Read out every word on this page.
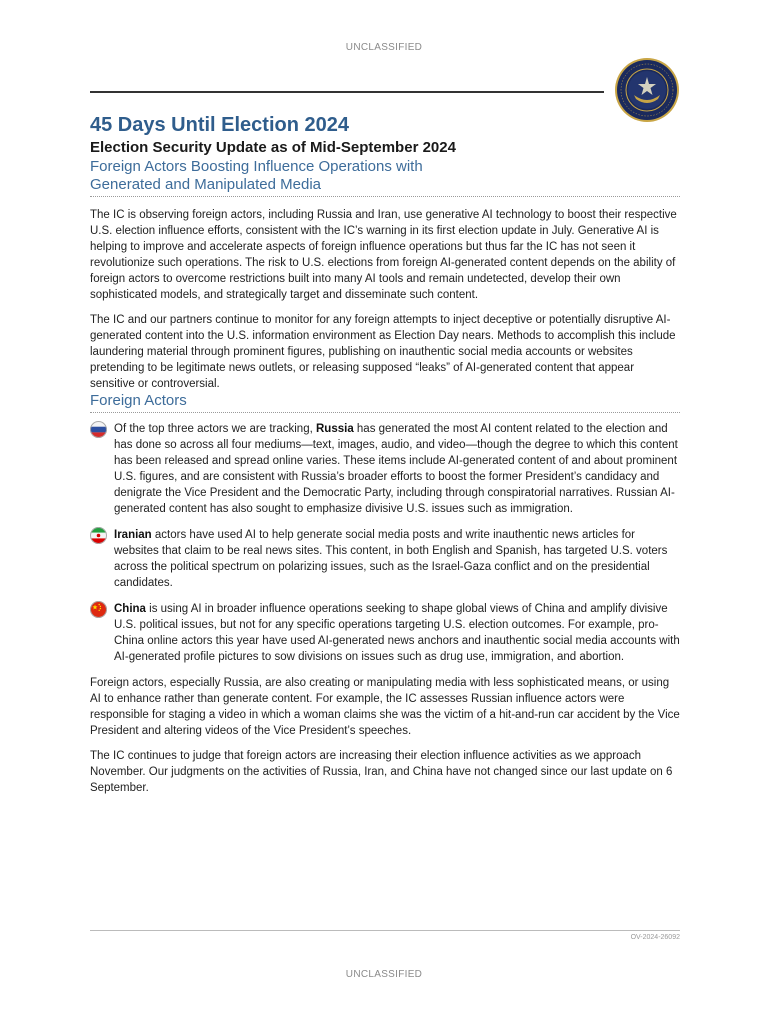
UNCLASSIFIED
45 Days Until Election 2024
Election Security Update as of Mid-September 2024
Foreign Actors Boosting Influence Operations with
Generated and Manipulated Media

The IC is observing foreign actors, including Russia and Iran, use generative AI technology to boost their respective U.S. election influence efforts, consistent with the IC’s warning in its first election update in July. Generative AI is helping to improve and accelerate aspects of foreign influence operations but thus far the IC has not seen it revolutionize such operations. The risk to U.S. elections from foreign AI-generated content depends on the ability of foreign actors to overcome restrictions built into many AI tools and remain undetected, develop their own sophisticated models, and strategically target and disseminate such content.

The IC and our partners continue to monitor for any foreign attempts to inject deceptive or potentially disruptive AI-generated content into the U.S. information environment as Election Day nears. Methods to accomplish this include laundering material through prominent figures, publishing on inauthentic social media accounts or websites pretending to be legitimate news outlets, or releasing supposed “leaks” of AI-generated content that appear sensitive or controversial.

Foreign Actors

Of the top three actors we are tracking, Russia has generated the most AI content related to the election and has done so across all four mediums—text, images, audio, and video—though the degree to which this content has been released and spread online varies. These items include AI-generated content of and about prominent U.S. figures, and are consistent with Russia’s broader efforts to boost the former President’s candidacy and denigrate the Vice President and the Democratic Party, including through conspiratorial narratives. Russian AI-generated content has also sought to emphasize divisive U.S. issues such as immigration.

Iranian actors have used AI to help generate social media posts and write inauthentic news articles for websites that claim to be real news sites. This content, in both English and Spanish, has targeted U.S. voters across the political spectrum on polarizing issues, such as the Israel-Gaza conflict and on the presidential candidates.

China is using AI in broader influence operations seeking to shape global views of China and amplify divisive U.S. political issues, but not for any specific operations targeting U.S. election outcomes. For example, pro-China online actors this year have used AI-generated news anchors and inauthentic social media accounts with AI-generated profile pictures to sow divisions on issues such as drug use, immigration, and abortion.

Foreign actors, especially Russia, are also creating or manipulating media with less sophisticated means, or using AI to enhance rather than generate content. For example, the IC assesses Russian influence actors were responsible for staging a video in which a woman claims she was the victim of a hit-and-run car accident by the Vice President and altering videos of the Vice President’s speeches.

The IC continues to judge that foreign actors are increasing their election influence activities as we approach November. Our judgments on the activities of Russia, Iran, and China have not changed since our last update on 6 September.

OV-2024-26092
UNCLASSIFIED
